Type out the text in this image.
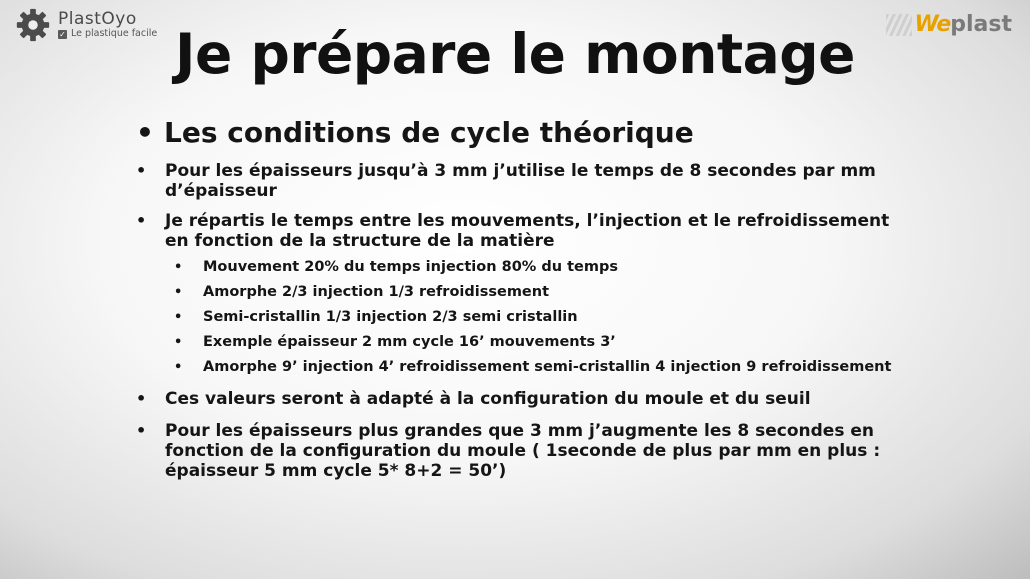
PlastOyo
✓ Le plastique facile	We plast
Je prépare le montage
• Les conditions de cycle théorique
•	Pour les épaisseurs jusqu’à 3 mm j’utilise le temps de 8 secondes par mm d’épaisseur
•	Je répartis le temps entre les mouvements, l’injection et le refroidissement en fonction de la structure de la matière
•	Mouvement 20% du temps injection 80% du temps
•	Amorphe 2/3 injection 1/3 refroidissement
•	Semi-cristallin 1/3 injection 2/3 semi cristallin
•	Exemple épaisseur 2 mm cycle 16’ mouvements 3’
•	Amorphe 9’ injection 4’ refroidissement semi-cristallin 4 injection 9 refroidissement
•	Ces valeurs seront à adapté à la configuration du moule et du seuil
•	Pour les épaisseurs plus grandes que 3 mm j’augmente les 8 secondes en fonction de la configuration du moule ( 1seconde de plus par mm en plus : épaisseur 5 mm cycle 5* 8+2 = 50’)
